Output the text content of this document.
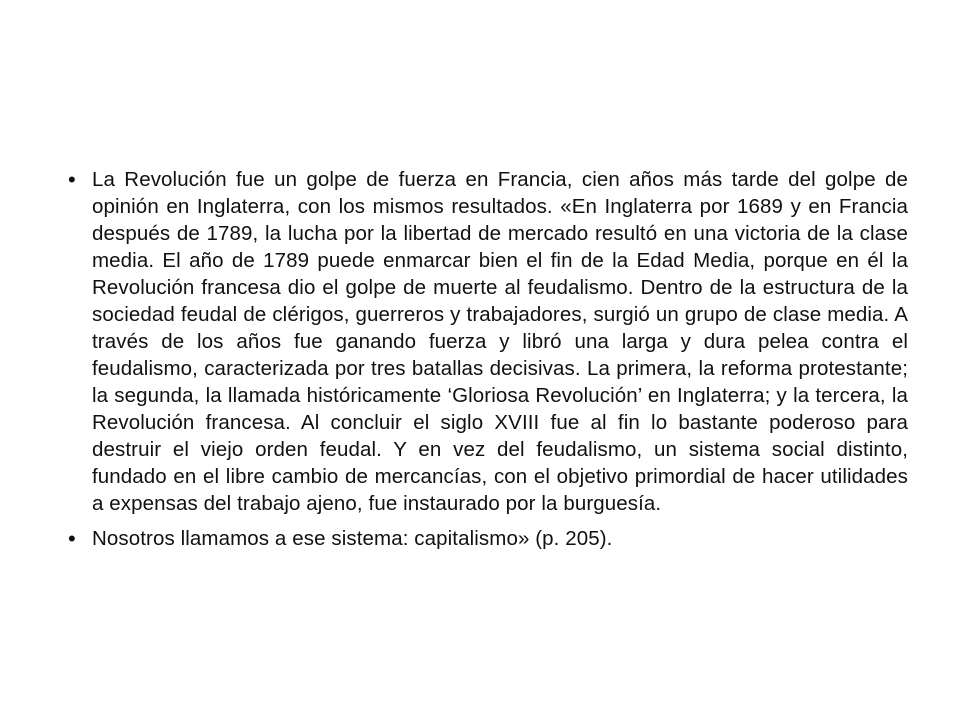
• La Revolución fue un golpe de fuerza en Francia, cien años más tarde del golpe de opinión en Inglaterra, con los mismos resultados. «En Inglaterra por 1689 y en Francia después de 1789, la lucha por la libertad de mercado resultó en una victoria de la clase media. El año de 1789 puede enmarcar bien el fin de la Edad Media, porque en él la Revolución francesa dio el golpe de muerte al feudalismo. Dentro de la estructura de la sociedad feudal de clérigos, guerreros y trabajadores, surgió un grupo de clase media. A través de los años fue ganando fuerza y libró una larga y dura pelea contra el feudalismo, caracterizada por tres batallas decisivas. La primera, la reforma protestante; la segunda, la llamada históricamente ‘Gloriosa Revolución’ en Inglaterra; y la tercera, la Revolución francesa. Al concluir el siglo XVIII fue al fin lo bastante poderoso para destruir el viejo orden feudal. Y en vez del feudalismo, un sistema social distinto, fundado en el libre cambio de mercancías, con el objetivo primordial de hacer utilidades a expensas del trabajo ajeno, fue instaurado por la burguesía.
• Nosotros llamamos a ese sistema: capitalismo» (p. 205).
